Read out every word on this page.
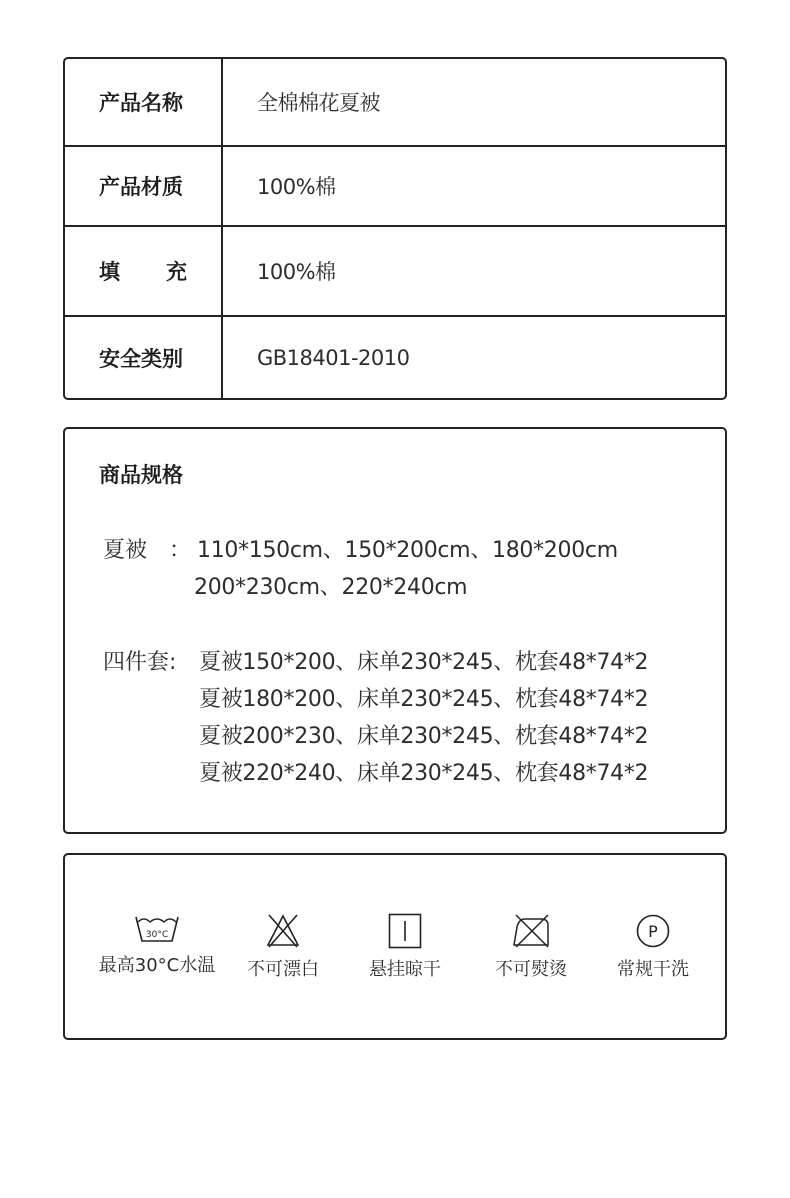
产品名称	全棉棉花夏被
产品材质	100%棉
填 充	100%棉
安全类别	GB18401-2010
商品规格
夏被 ： 110*150cm、150*200cm、180*200cm
200*230cm、220*240cm
四件套: 夏被150*200、床单230*245、枕套48*74*2
夏被180*200、床单230*245、枕套48*74*2
夏被200*230、床单230*245、枕套48*74*2
夏被220*240、床单230*245、枕套48*74*2
30°C
最高30°C水温	不可漂白	悬挂晾干	不可熨烫
P
常规干洗
